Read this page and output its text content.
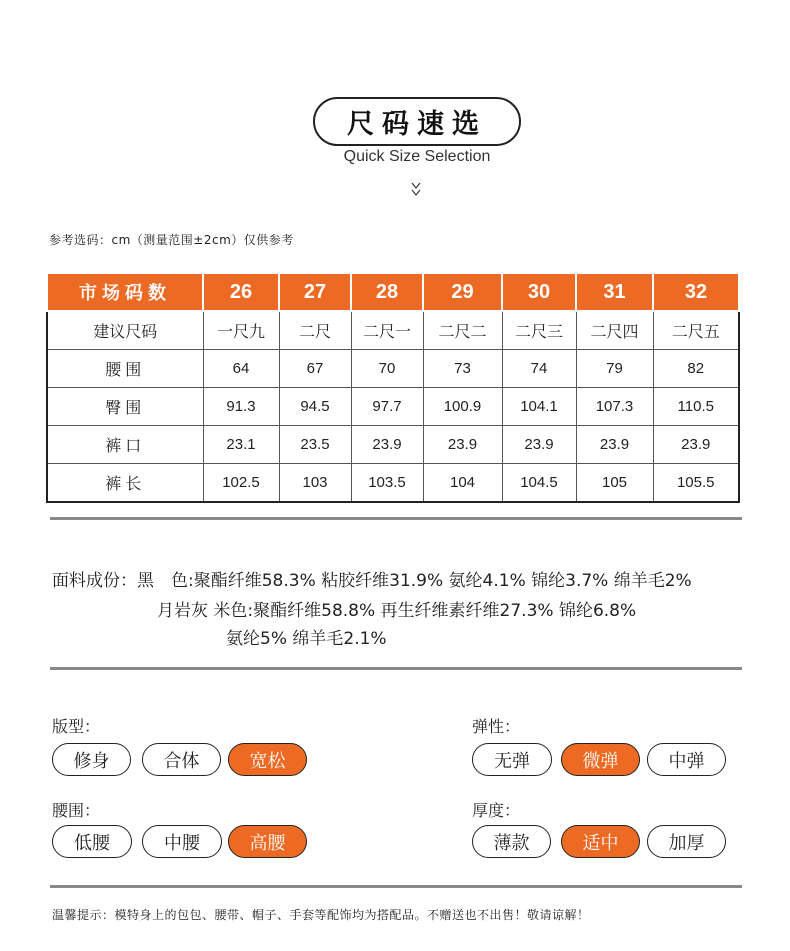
尺码速选
Quick Size Selection
参考选码：cm（测量范围±2cm）仅供参考
市场码数	26	27	28	29	30	31	32
建议尺码	一尺九	二尺	二尺一	二尺二	二尺三	二尺四	二尺五
腰围	64	67	70	73	74	79	82
臀围	91.3	94.5	97.7	100.9	104.1	107.3	110.5
裤口	23.1	23.5	23.9	23.9	23.9	23.9	23.9
裤长	102.5	103	103.5	104	104.5	105	105.5
面料成份：黑　色:聚酯纤维58.3% 粘胶纤维31.9% 氨纶4.1% 锦纶3.7% 绵羊毛2%
月岩灰 米色:聚酯纤维58.8% 再生纤维素纤维27.3% 锦纶6.8%
氨纶5% 绵羊毛2.1%
版型：
修身	合体	宽松
弹性：
无弹	微弹	中弹
腰围：
低腰	中腰	高腰
厚度：
薄款	适中	加厚
温馨提示：模特身上的包包、腰带、帽子、手套等配饰均为搭配品。不赠送也不出售！敬请谅解！
